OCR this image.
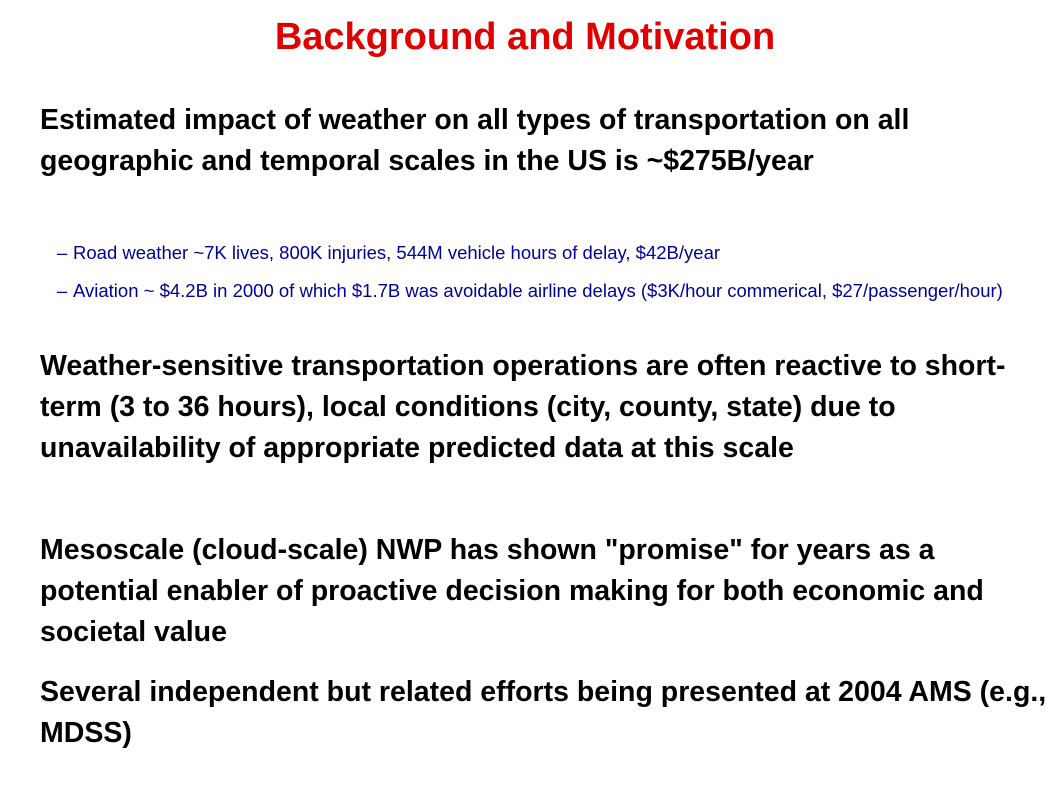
Background and Motivation

Estimated impact of weather on all types of transportation on all geographic and temporal scales in the US is ~$275B/year

– Road weather ~7K lives, 800K injuries, 544M vehicle hours of delay, $42B/year

– Aviation ~ $4.2B in 2000 of which $1.7B was avoidable airline delays ($3K/hour commerical, $27/passenger/hour)

Weather-sensitive transportation operations are often reactive to short-term (3 to 36 hours), local conditions (city, county, state) due to unavailability of appropriate predicted data at this scale

Mesoscale (cloud-scale) NWP has shown "promise" for years as a potential enabler of proactive decision making for both economic and societal value

Several independent but related efforts being presented at 2004 AMS (e.g., MDSS)
